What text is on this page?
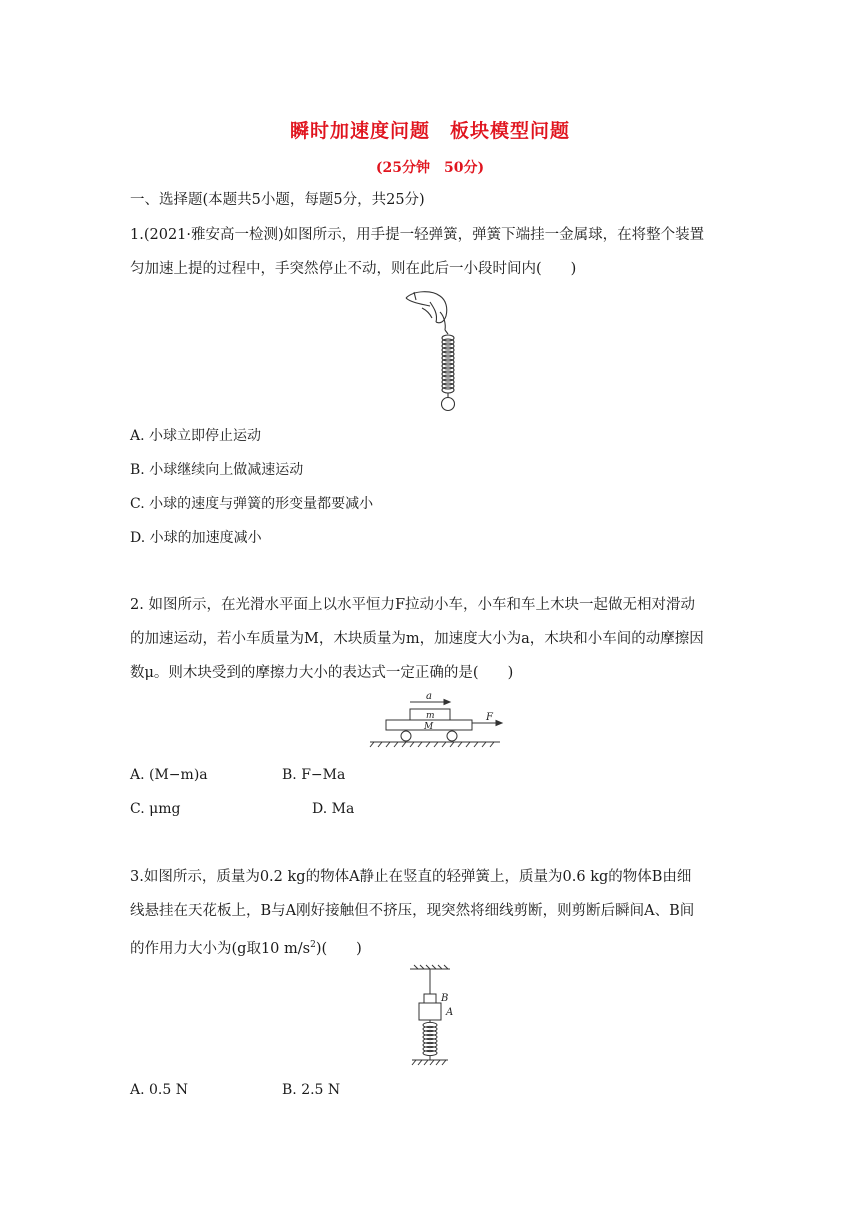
瞬时加速度问题　板块模型问题
(25分钟　50分)
一、选择题(本题共5小题，每题5分，共25分)
1.(2021·雅安高一检测)如图所示，用手提一轻弹簧，弹簧下端挂一金属球，在将整个装置
匀加速上提的过程中，手突然停止不动，则在此后一小段时间内(　　)
A. 小球立即停止运动
B. 小球继续向上做减速运动
C. 小球的速度与弹簧的形变量都要减小
D. 小球的加速度减小
2. 如图所示，在光滑水平面上以水平恒力F拉动小车，小车和车上木块一起做无相对滑动
的加速运动，若小车质量为M，木块质量为m，加速度大小为a，木块和小车间的动摩擦因
数μ。则木块受到的摩擦力大小的表达式一定正确的是(　　)
a
m
M
F
A. (M−m)a	B. F−Ma
C. μmg	D. Ma
3.如图所示，质量为0.2 kg的物体A静止在竖直的轻弹簧上，质量为0.6 kg的物体B由细
线悬挂在天花板上，B与A刚好接触但不挤压，现突然将细线剪断，则剪断后瞬间A、B间
的作用力大小为(g取10 $m/s^2$)(　　)
B
A
A. 0.5 N	B. 2.5 N
